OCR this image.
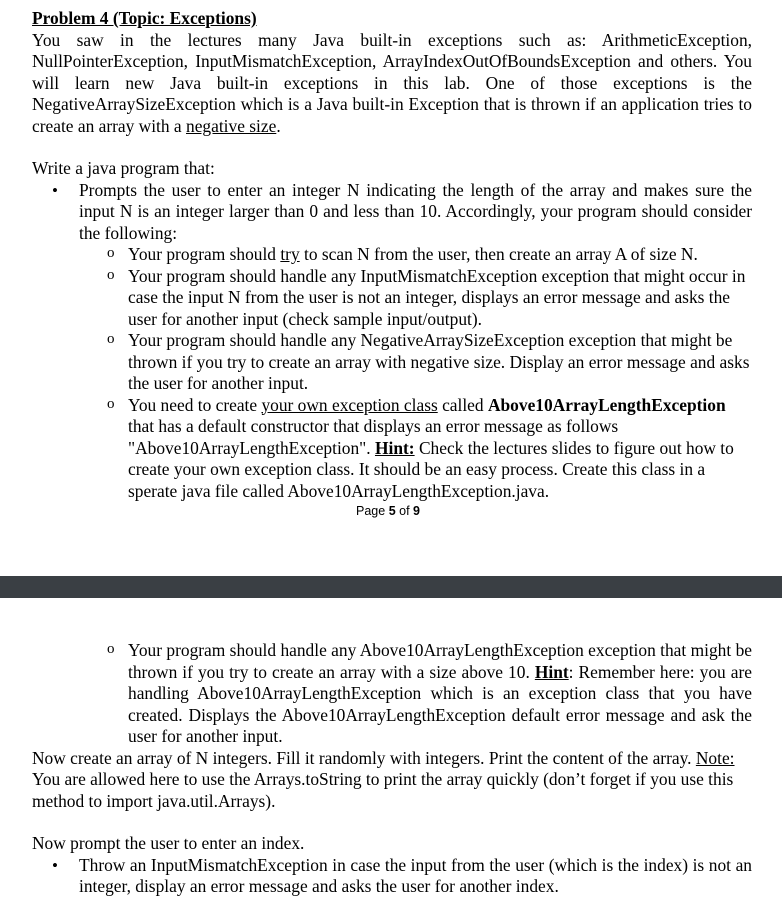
Problem 4 (Topic: Exceptions)

You saw in the lectures many Java built-in exceptions such as: ArithmeticException, NullPointerException, InputMismatchException, ArrayIndexOutOfBoundsException and others. You will learn new Java built-in exceptions in this lab. One of those exceptions is the NegativeArraySizeException which is a Java built-in Exception that is thrown if an application tries to create an array with a negative size.

Write a java program that:

• Prompts the user to enter an integer N indicating the length of the array and makes sure the input N is an integer larger than 0 and less than 10. Accordingly, your program should consider the following:
o Your program should try to scan N from the user, then create an array A of size N.
o Your program should handle any InputMismatchException exception that might occur in case the input N from the user is not an integer, displays an error message and asks the user for another input (check sample input/output).
o Your program should handle any NegativeArraySizeException exception that might be thrown if you try to create an array with negative size. Display an error message and asks the user for another input.
o You need to create your own exception class called Above10ArrayLengthException that has a default constructor that displays an error message as follows "Above10ArrayLengthException". Hint: Check the lectures slides to figure out how to create your own exception class. It should be an easy process. Create this class in a sperate java file called Above10ArrayLengthException.java.
Page 5 of 9
o Your program should handle any Above10ArrayLengthException exception that might be thrown if you try to create an array with a size above 10. Hint: Remember here: you are handling Above10ArrayLengthException which is an exception class that you have created. Displays the Above10ArrayLengthException default error message and ask the user for another input.

Now create an array of N integers. Fill it randomly with integers. Print the content of the array. Note: You are allowed here to use the Arrays.toString to print the array quickly (don’t forget if you use this method to import java.util.Arrays).

Now prompt the user to enter an index.

• Throw an InputMismatchException in case the input from the user (which is the index) is not an integer, display an error message and asks the user for another index.
